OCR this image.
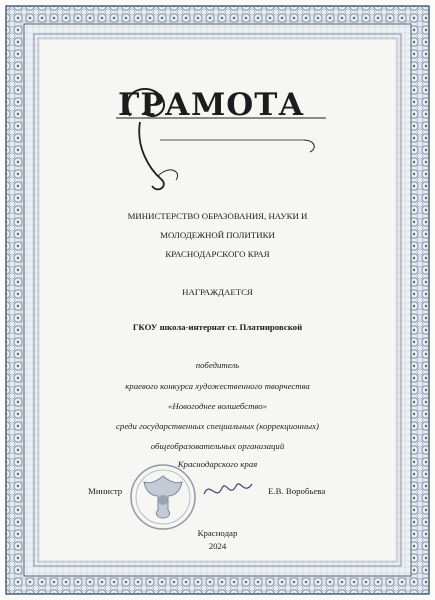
ГРАМОТА
МИНИСТЕРСТВО ОБРАЗОВАНИЯ, НАУКИ И
МОЛОДЕЖНОЙ ПОЛИТИКИ
КРАСНОДАРСКОГО КРАЯ
НАГРАЖДАЕТСЯ
ГКОУ школа-интернат ст. Платнировской
победитель
краевого конкурса художественного творчества
«Новогоднее волшебство»
среди государственных специальных (коррекционных)
общеобразовательных организаций
Краснодарского края
Министр	Е.В. Воробьева
Краснодар
2024
